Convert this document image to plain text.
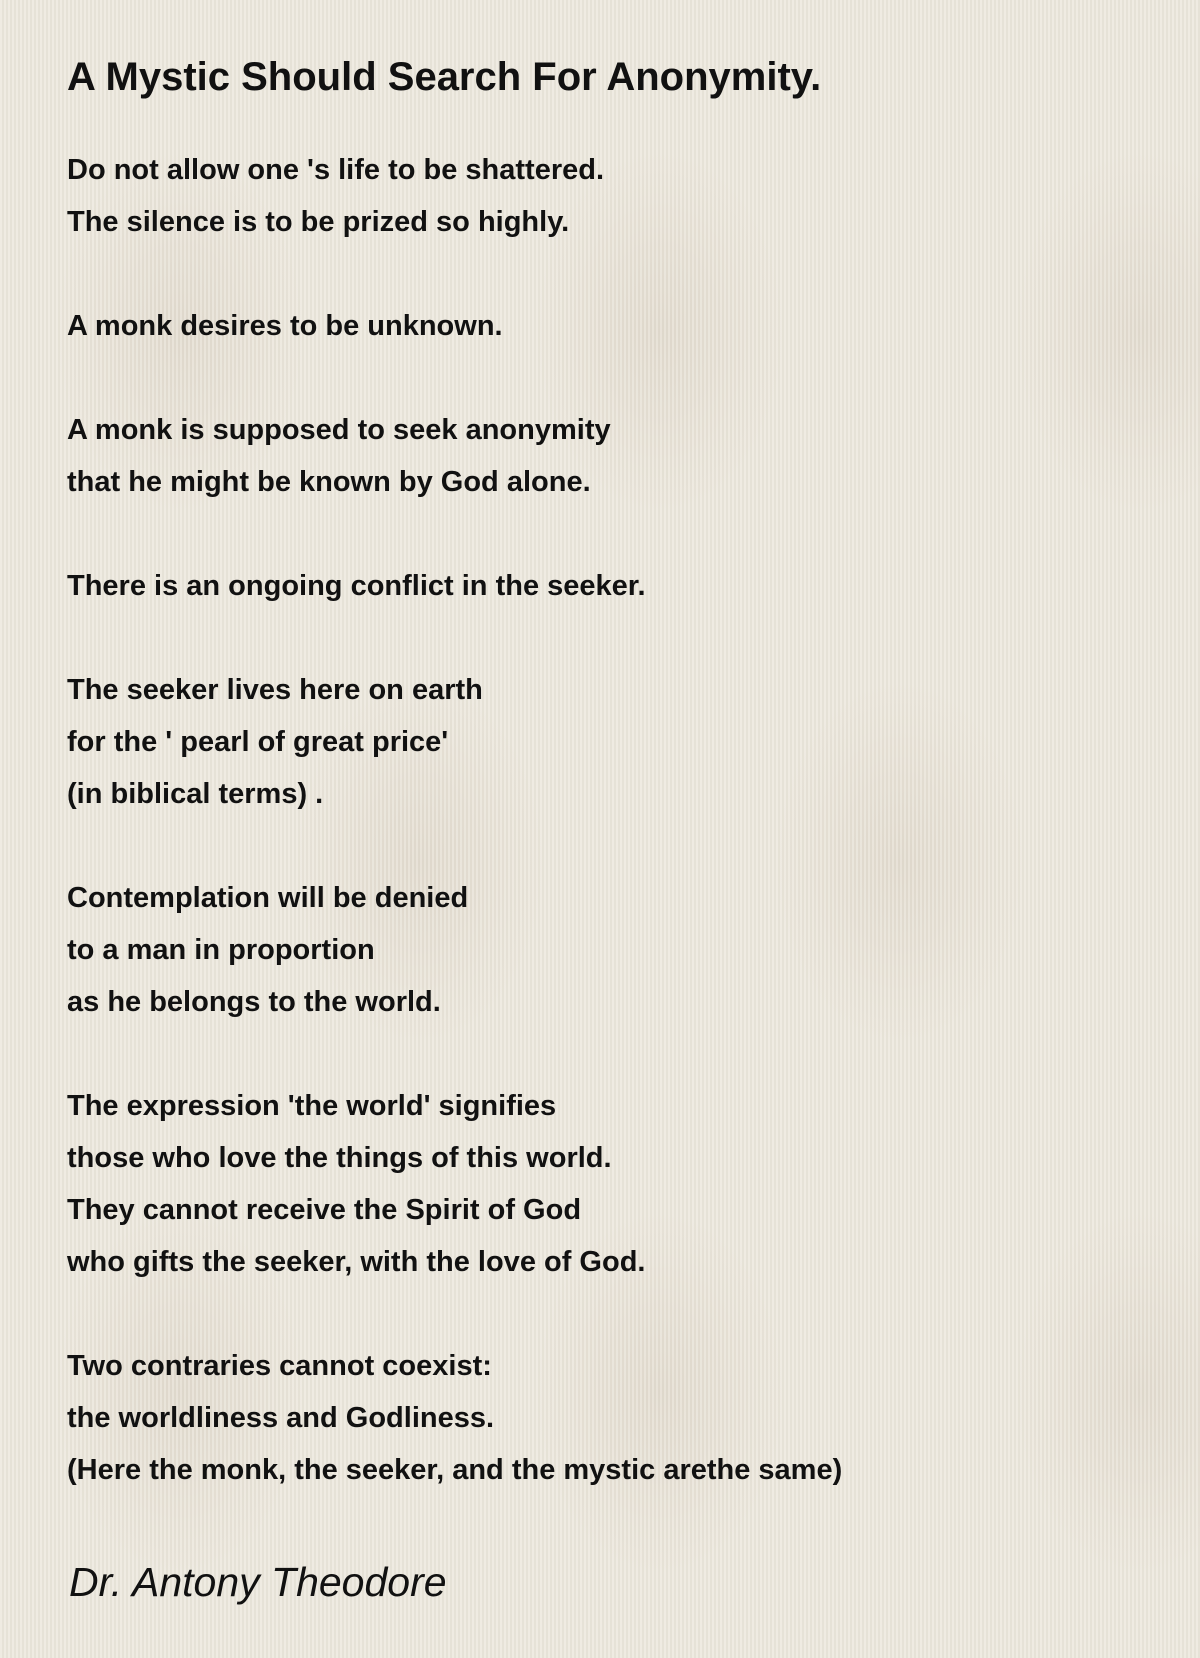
A Mystic Should Search For Anonymity.

Do not allow one 's life to be shattered.
The silence is to be prized so highly.

A monk desires to be unknown.

A monk is supposed to seek anonymity
that he might be known by God alone.

There is an ongoing conflict in the seeker.

The seeker lives here on earth
for the ' pearl of great price'
(in biblical terms) .

Contemplation will be denied
to a man in proportion
as he belongs to the world.

The expression 'the world' signifies
those who love the things of this world.
They cannot receive the Spirit of God
who gifts the seeker, with the love of God.

Two contraries cannot coexist:
the worldliness and Godliness.
(Here the monk, the seeker, and the mystic arethe same)

Dr. Antony Theodore
